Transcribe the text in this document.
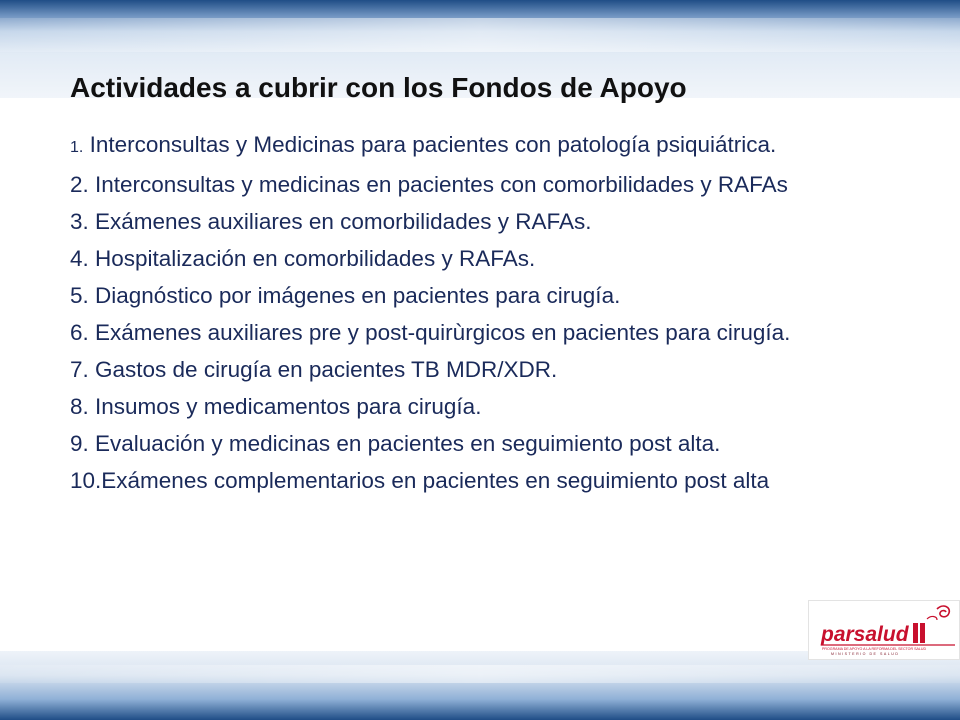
Actividades a cubrir con los Fondos de Apoyo

1. Interconsultas y Medicinas para pacientes con patología psiquiátrica.

2. Interconsultas y medicinas en pacientes con comorbilidades y RAFAs

3. Exámenes auxiliares en comorbilidades y RAFAs.

4. Hospitalización en comorbilidades y RAFAs.

5. Diagnóstico por imágenes en pacientes para cirugía.

6. Exámenes auxiliares pre y post-quirùrgicos en pacientes para cirugía.

7. Gastos de cirugía en pacientes TB MDR/XDR.

8. Insumos y medicamentos para cirugía.

9. Evaluación y medicinas en pacientes en seguimiento post alta.

10.Exámenes complementarios en pacientes en seguimiento post alta

parsalud
PROGRAMA DE APOYO A LA REFORMA DEL SECTOR SALUD
MINISTERIO DE SALUD
